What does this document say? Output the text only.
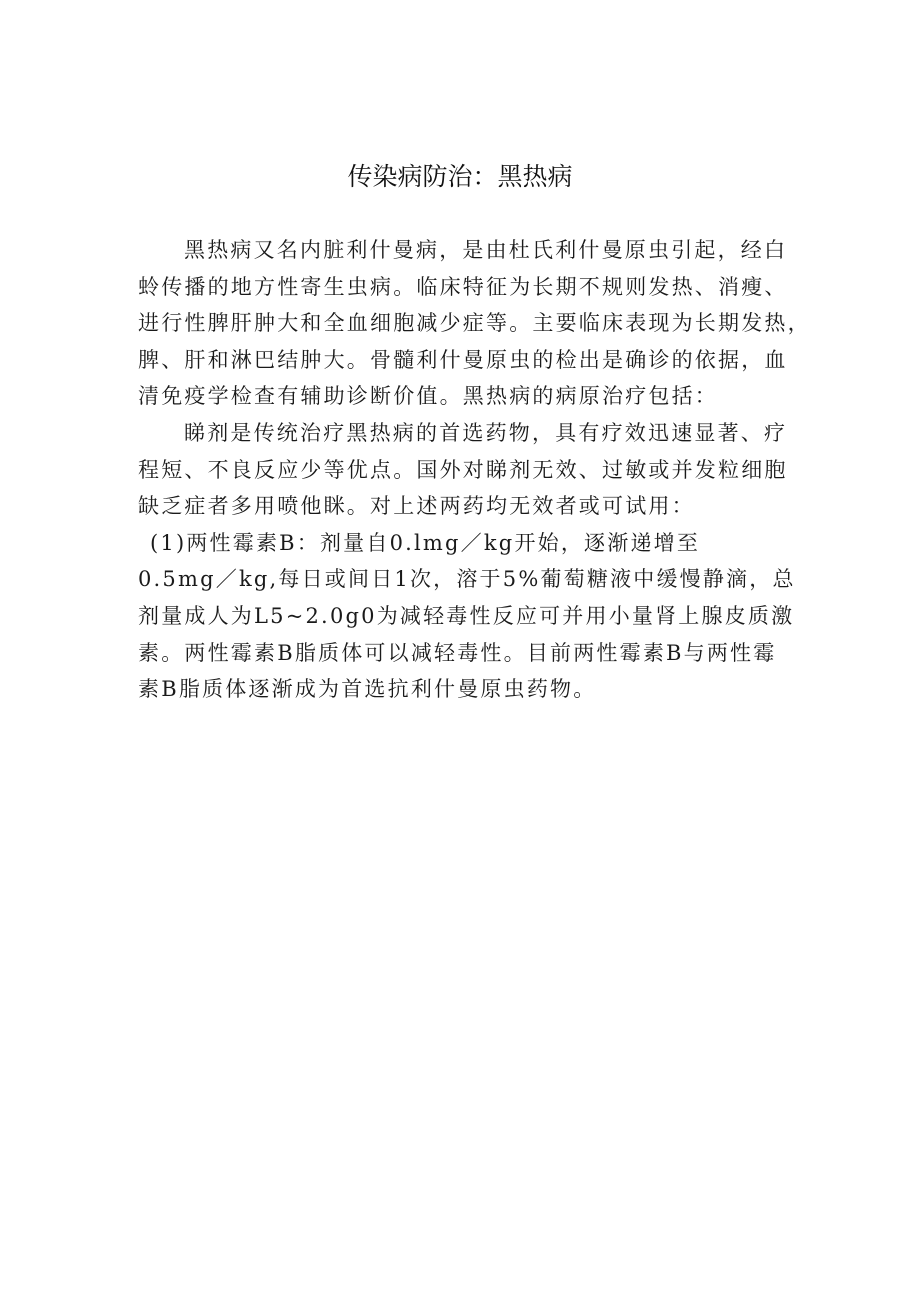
传染病防治：黑热病
黑热病又名内脏利什曼病，是由杜氏利什曼原虫引起，经白
蛉传播的地方性寄生虫病。临床特征为长期不规则发热、消瘦、
进行性脾肝肿大和全血细胞减少症等。主要临床表现为长期发热，
脾、肝和淋巴结肿大。骨髓利什曼原虫的检出是确诊的依据，血
清免疫学检查有辅助诊断价值。黑热病的病原治疗包括：
睇剂是传统治疗黑热病的首选药物，具有疗效迅速显著、疗
程短、不良反应少等优点。国外对睇剂无效、过敏或并发粒细胞
缺乏症者多用喷他眯。对上述两药均无效者或可试用：
(1)两性霉素B：剂量自0.lmg／kg开始，逐渐递增至
0.5mg／kg,每日或间日1次，溶于5%葡萄糖液中缓慢静滴，总
剂量成人为L5~2.0g0为减轻毒性反应可并用小量肾上腺皮质激
素。两性霉素B脂质体可以减轻毒性。目前两性霉素B与两性霉
素B脂质体逐渐成为首选抗利什曼原虫药物。
